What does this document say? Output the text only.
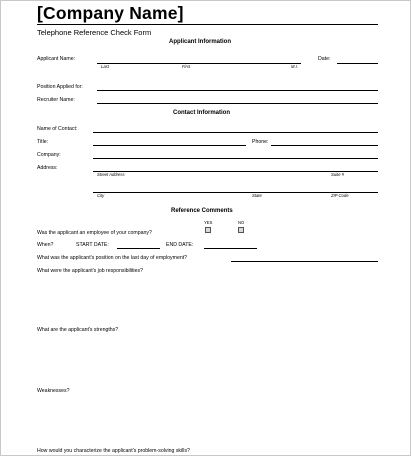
[Company Name]
Telephone Reference Check Form
Applicant Information
Applicant Name:
Last	First	M.I.
Date:
Position Applied for:
Recruiter Name:
Contact Information
Name of Contact:
Title:	Phone:
Company:
Address:
Street Address	Suite #
City	State	ZIP Code
Reference Comments
YES	NO
Was the applicant an employee of your company?
When?	START DATE:	END DATE:
What was the applicant's position on the last day of employment?
What were the applicant's job responsibilities?
What are the applicant's strengths?
Weaknesses?
How would you characterize the applicant's problem-solving skills?
